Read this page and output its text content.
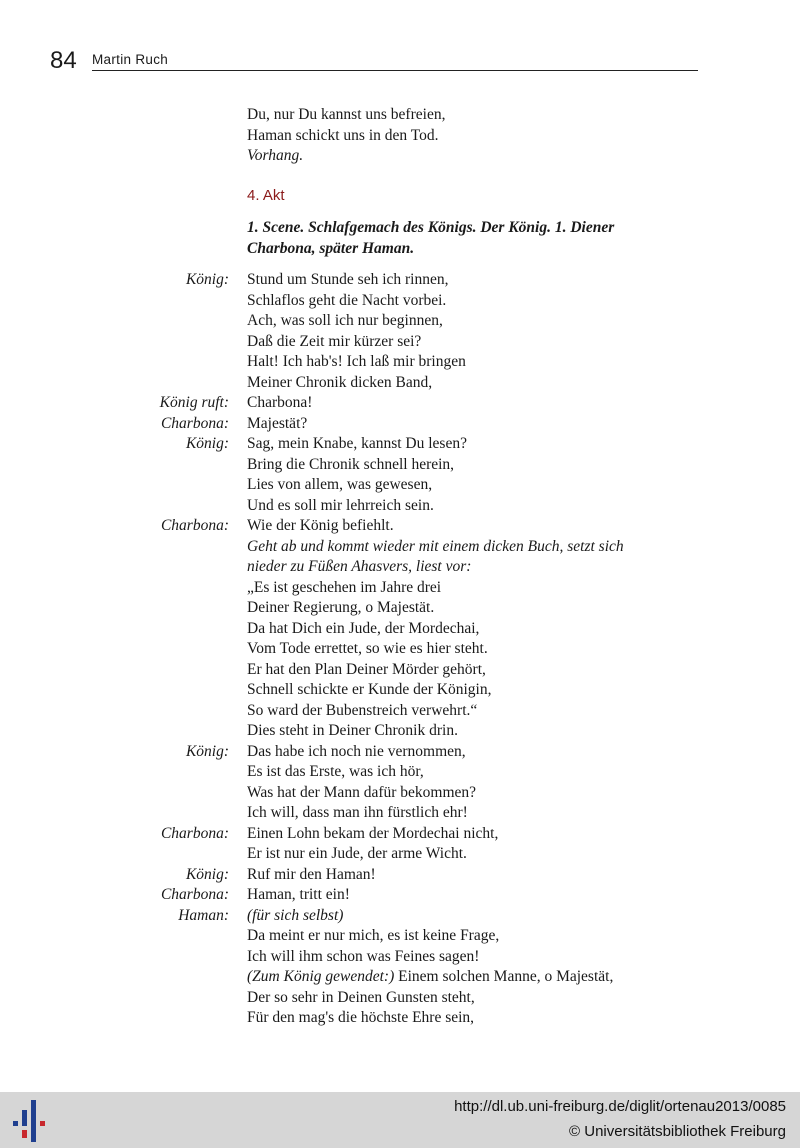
84 Martin Ruch
Du, nur Du kannst uns befreien,
Haman schickt uns in den Tod.
Vorhang.
4. Akt
1. Scene. Schlafgemach des Königs. Der König. 1. Diener
Charbona, später Haman.
König: Stund um Stunde seh ich rinnen,
Schlaflos geht die Nacht vorbei.
Ach, was soll ich nur beginnen,
Daß die Zeit mir kürzer sei?
Halt! Ich hab's! Ich laß mir bringen
Meiner Chronik dicken Band,
König ruft: Charbona!
Charbona: Majestät?
König: Sag, mein Knabe, kannst Du lesen?
Bring die Chronik schnell herein,
Lies von allem, was gewesen,
Und es soll mir lehrreich sein.
Charbona: Wie der König befiehlt.
Geht ab und kommt wieder mit einem dicken Buch, setzt sich
nieder zu Füßen Ahasvers, liest vor:
„Es ist geschehen im Jahre drei
Deiner Regierung, o Majestät.
Da hat Dich ein Jude, der Mordechai,
Vom Tode errettet, so wie es hier steht.
Er hat den Plan Deiner Mörder gehört,
Schnell schickte er Kunde der Königin,
So ward der Bubenstreich verwehrt.“
Dies steht in Deiner Chronik drin.
König: Das habe ich noch nie vernommen,
Es ist das Erste, was ich hör,
Was hat der Mann dafür bekommen?
Ich will, dass man ihn fürstlich ehr!
Charbona: Einen Lohn bekam der Mordechai nicht,
Er ist nur ein Jude, der arme Wicht.
König: Ruf mir den Haman!
Charbona: Haman, tritt ein!
Haman: (für sich selbst)
Da meint er nur mich, es ist keine Frage,
Ich will ihm schon was Feines sagen!
(Zum König gewendet:) Einem solchen Manne, o Majestät,
Der so sehr in Deinen Gunsten steht,
Für den mag's die höchste Ehre sein,
http://dl.ub.uni-freiburg.de/diglit/ortenau2013/0085
© Universitätsbibliothek Freiburg
